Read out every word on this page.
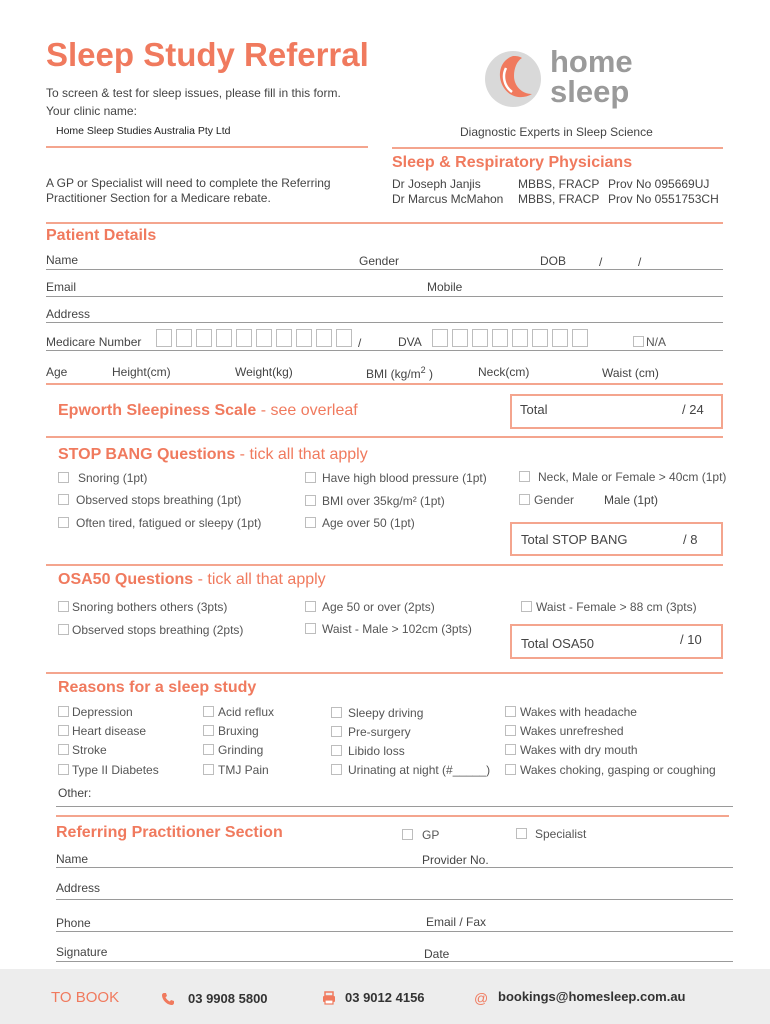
Sleep Study Referral
To screen & test for sleep issues, please fill in this form.
Your clinic name:
Home Sleep Studies Australia Pty Ltd
home
sleep
Diagnostic Experts in Sleep Science
A GP or Specialist will need to complete the Referring
Practitioner Section for a Medicare rebate.
Sleep & Respiratory Physicians
Dr Joseph Janjis	MBBS, FRACP Prov No 095669UJ
Dr Marcus McMahon MBBS, FRACP Prov No 0551753CH
Patient Details
Name	Gender	DOB	/	/
Email	Mobile
Address
Medicare Number	/	DVA	N/A
Age	Height(cm)	Weight(kg)	BMI ($kg/m^2$ )	Neck(cm)	Waist (cm)
Epworth Sleepiness Scale - see overleaf	Total	/ 24
STOP BANG Questions - tick all that apply
Snoring (1pt)
Observed stops breathing (1pt)
Often tired, fatigued or sleepy (1pt)
Have high blood pressure (1pt)
BMI over 35kg/m² (1pt)
Age over 50 (1pt)
Neck, Male or Female > 40cm (1pt)
Gender Male (1pt)
Total STOP BANG	/ 8
OSA50 Questions - tick all that apply
Snoring bothers others (3pts)
Observed stops breathing (2pts)
Age 50 or over (2pts)
Waist - Male > 102cm (3pts)
Waist - Female > 88 cm (3pts)
Total OSA50	/ 10
Reasons for a sleep study
Depression
Heart disease
Stroke
Type II Diabetes
Acid reflux
Bruxing
Grinding
TMJ Pain
Sleepy driving
Pre-surgery
Libido loss
Urinating at night (#_____)
Wakes with headache
Wakes unrefreshed
Wakes with dry mouth
Wakes choking, gasping or coughing
Other:
Referring Practitioner Section	GP	Specialist
Name	Provider No.
Address
Phone	Email / Fax
Signature	Date
TO BOOK	03 9908 5800	03 9012 4156	@ bookings@homesleep.com.au
